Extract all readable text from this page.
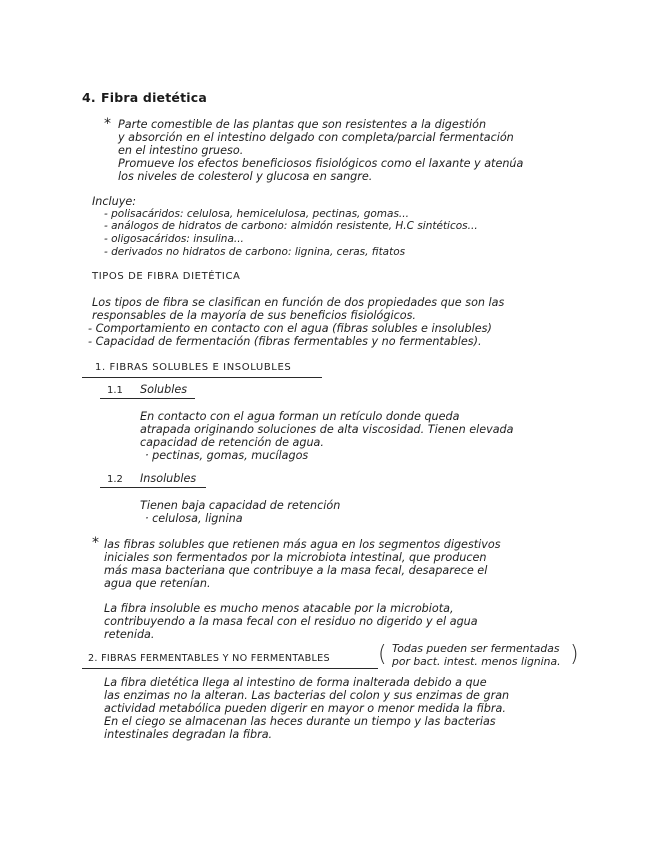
4. Fibra dietética
* Parte comestible de las plantas que son resistentes a la digestión
y absorción en el intestino delgado con completa/parcial fermentación
en el intestino grueso.
Promueve los efectos beneficiosos fisiológicos como el laxante y atenúa
los niveles de colesterol y glucosa en sangre.
Incluye:
- polisacáridos: celulosa, hemicelulosa, pectinas, gomas...
- análogos de hidratos de carbono: almidón resistente, H.C sintéticos...
- oligosacáridos: insulina...
- derivados no hidratos de carbono: lignina, ceras, fitatos
TIPOS DE FIBRA DIETÉTICA
Los tipos de fibra se clasifican en función de dos propiedades que son las
responsables de la mayoría de sus beneficios fisiológicos.
- Comportamiento en contacto con el agua (fibras solubles e insolubles)
- Capacidad de fermentación (fibras fermentables y no fermentables).
1. FIBRAS SOLUBLES E INSOLUBLES
1.1 Solubles
En contacto con el agua forman un retículo donde queda
atrapada originando soluciones de alta viscosidad. Tienen elevada
capacidad de retención de agua.
· pectinas, gomas, mucílagos
1.2 Insolubles
Tienen baja capacidad de retención
· celulosa, lignina
* las fibras solubles que retienen más agua en los segmentos digestivos
iniciales son fermentados por la microbiota intestinal, que producen
más masa bacteriana que contribuye a la masa fecal, desaparece el
agua que retenían.
La fibra insoluble es mucho menos atacable por la microbiota,
contribuyendo a la masa fecal con el residuo no digerido y el agua
retenida.
2. FIBRAS FERMENTABLES Y NO FERMENTABLES ( Todas pueden ser fermentadas
por bact. intest. menos lignina. )
La fibra dietética llega al intestino de forma inalterada debido a que
las enzimas no la alteran. Las bacterias del colon y sus enzimas de gran
actividad metabólica pueden digerir en mayor o menor medida la fibra.
En el ciego se almacenan las heces durante un tiempo y las bacterias
intestinales degradan la fibra.
